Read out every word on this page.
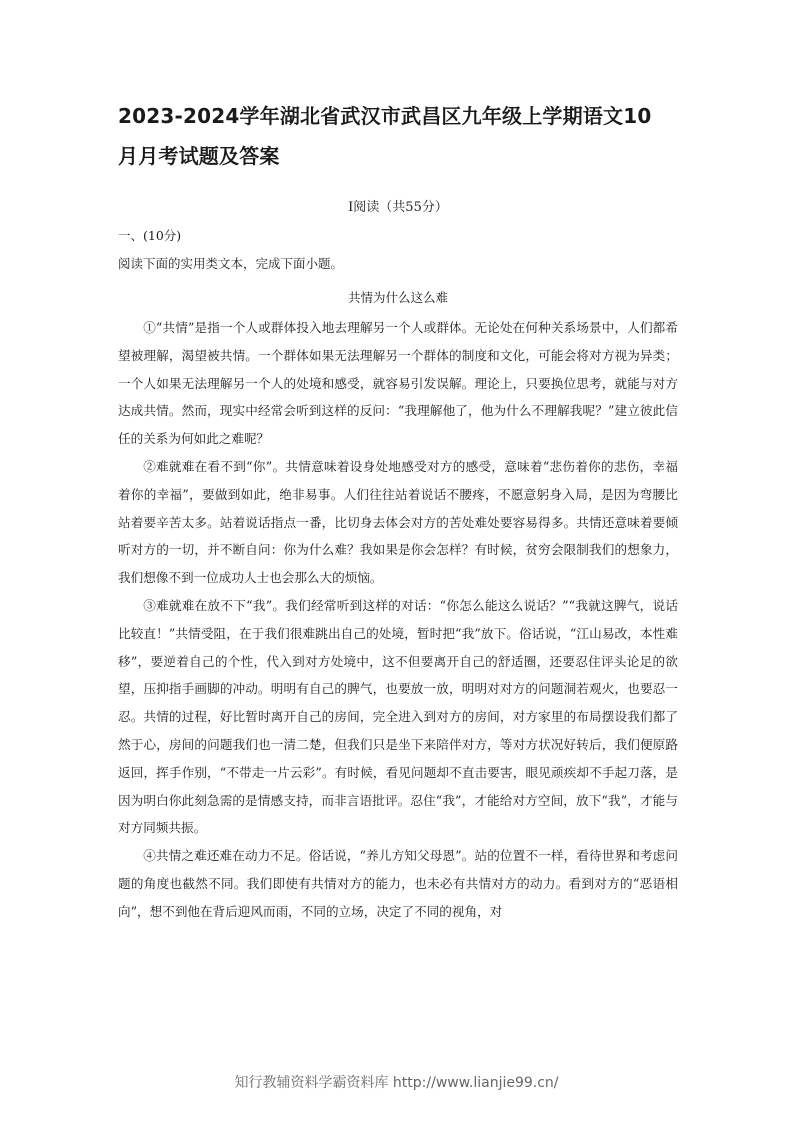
2023-2024学年湖北省武汉市武昌区九年级上学期语文10
月月考试题及答案
Ⅰ阅读（共55分）
一、(10分)
阅读下面的实用类文本，完成下面小题。
共情为什么这么难

①“共情”是指一个人或群体投入地去理解另一个人或群体。无论处在何种关系场景中，人们都希望被理解，渴望被共情。一个群体如果无法理解另一个群体的制度和文化，可能会将对方视为异类；一个人如果无法理解另一个人的处境和感受，就容易引发误解。理论上，只要换位思考，就能与对方达成共情。然而，现实中经常会听到这样的反问：“我理解他了，他为什么不理解我呢？”建立彼此信任的关系为何如此之难呢？

②难就难在看不到“你”。共情意味着设身处地感受对方的感受，意味着“悲伤着你的悲伤，幸福着你的幸福”，要做到如此，绝非易事。人们往往站着说话不腰疼，不愿意躬身入局，是因为弯腰比站着要辛苦太多。站着说话指点一番，比切身去体会对方的苦处难处要容易得多。共情还意味着要倾听对方的一切，并不断自问：你为什么难？我如果是你会怎样？有时候，贫穷会限制我们的想象力，我们想像不到一位成功人士也会那么大的烦恼。

③难就难在放不下“我”。我们经常听到这样的对话：“你怎么能这么说话？”“我就这脾气，说话比较直！”共情受阻，在于我们很难跳出自己的处境，暂时把“我”放下。俗话说，“江山易改，本性难移”，要逆着自己的个性，代入到对方处境中，这不但要离开自己的舒适圈，还要忍住评头论足的欲望，压抑指手画脚的冲动。明明有自己的脾气，也要放一放，明明对对方的问题洞若观火，也要忍一忍。共情的过程，好比暂时离开自己的房间，完全进入到对方的房间，对方家里的布局摆设我们都了然于心，房间的问题我们也一清二楚，但我们只是坐下来陪伴对方，等对方状况好转后，我们便原路返回，挥手作别，“不带走一片云彩”。有时候，看见问题却不直击要害，眼见顽疾却不手起刀落，是因为明白你此刻急需的是情感支持，而非言语批评。忍住“我”，才能给对方空间，放下“我”，才能与对方同频共振。

④共情之难还难在动力不足。俗话说，“养儿方知父母恩”。站的位置不一样，看待世界和考虑问题的角度也截然不同。我们即使有共情对方的能力，也未必有共情对方的动力。看到对方的“恶语相向”，想不到他在背后迎风而雨，不同的立场，决定了不同的视角，对

知行教辅资料学霸资料库 http://www.lianjie99.cn/
